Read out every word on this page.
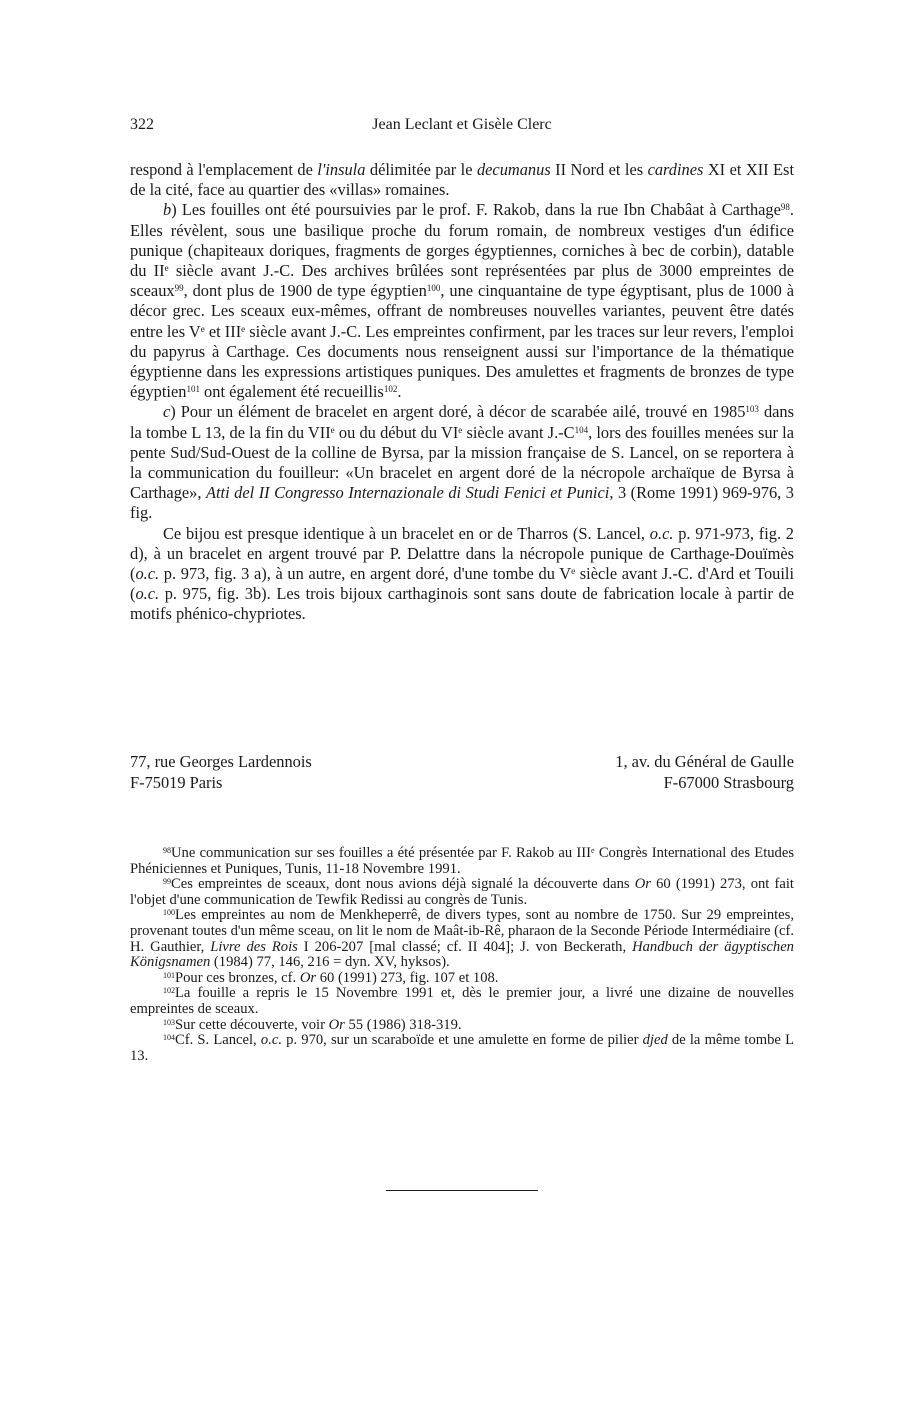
322	Jean Leclant et Gisèle Clerc

respond à l'emplacement de l'insula délimitée par le decumanus II Nord et les cardines XI et XII Est de la cité, face au quartier des «villas» romaines.

b) Les fouilles ont été poursuivies par le prof. F. Rakob, dans la rue Ibn Chabâat à Carthage$^{98}$. Elles révèlent, sous une basilique proche du forum romain, de nombreux vestiges d'un édifice punique (chapiteaux doriques, fragments de gorges égyptiennes, corniches à bec de corbin), datable du IIe siècle avant J.-C. Des archives brûlées sont représentées par plus de 3000 empreintes de sceaux$^{99}$, dont plus de 1900 de type égyptien$^{100}$, une cinquantaine de type égyptisant, plus de 1000 à décor grec. Les sceaux eux-mêmes, offrant de nombreuses nouvelles variantes, peuvent être datés entre les Ve et IIIe siècle avant J.-C. Les empreintes confirment, par les traces sur leur revers, l'emploi du papyrus à Carthage. Ces documents nous renseignent aussi sur l'importance de la thématique égyptienne dans les expressions artistiques puniques. Des amulettes et fragments de bronzes de type égyptien$^{101}$ ont également été recueillis$^{102}$.

c) Pour un élément de bracelet en argent doré, à décor de scarabée ailé, trouvé en 1985$^{103}$ dans la tombe L 13, de la fin du VIIe ou du début du VIe siècle avant $J.-C^{104}$, lors des fouilles menées sur la pente Sud/Sud-Ouest de la colline de Byrsa, par la mission française de S. Lancel, on se reportera à la communication du fouilleur: «Un bracelet en argent doré de la nécropole archaïque de Byrsa à Carthage», Atti del II Congresso Internazionale di Studi Fenici et Punici, 3 (Rome 1991) 969-976, 3 fig.

Ce bijou est presque identique à un bracelet en or de Tharros (S. Lancel, o.c. p. 971-973, fig. 2 d), à un bracelet en argent trouvé par P. Delattre dans la nécropole punique de Carthage-Douïmès (o.c. p. 973, fig. 3 a), à un autre, en argent doré, d'une tombe du Ve siècle avant J.-C. d'Ard et Touili (o.c. p. 975, fig. 3b). Les trois bijoux carthaginois sont sans doute de fabrication locale à partir de motifs phénico-chypriotes.

77, rue Georges Lardennois
F-75019 Paris
1, av. du Général de Gaulle
F-67000 Strasbourg

$^{98}$Une communication sur ses fouilles a été présentée par F. Rakob au IIIe Congrès International des Etudes Phéniciennes et Puniques, Tunis, 11-18 Novembre 1991.

$^{99}$Ces empreintes de sceaux, dont nous avions déjà signalé la découverte dans Or 60 (1991) 273, ont fait l'objet d'une communication de Tewfik Redissi au congrès de Tunis.

$^{100}$Les empreintes au nom de Menkheperrê, de divers types, sont au nombre de 1750. Sur 29 empreintes, provenant toutes d'un même sceau, on lit le nom de Maât-ib-Rê, pharaon de la Seconde Période Intermédiaire (cf. H. Gauthier, Livre des Rois I 206-207 [mal classé; cf. II 404]; J. von Beckerath, Handbuch der ägyptischen Königsnamen (1984) 77, 146, 216 = dyn. XV, hyksos).

$^{101}$Pour ces bronzes, cf. Or 60 (1991) 273, fig. 107 et 108.

$^{102}$La fouille a repris le 15 Novembre 1991 et, dès le premier jour, a livré une dizaine de nouvelles empreintes de sceaux.

$^{103}$Sur cette découverte, voir Or 55 (1986) 318-319.

$^{104}$Cf. S. Lancel, o.c. p. 970, sur un scaraboïde et une amulette en forme de pilier djed de la même tombe L 13.
